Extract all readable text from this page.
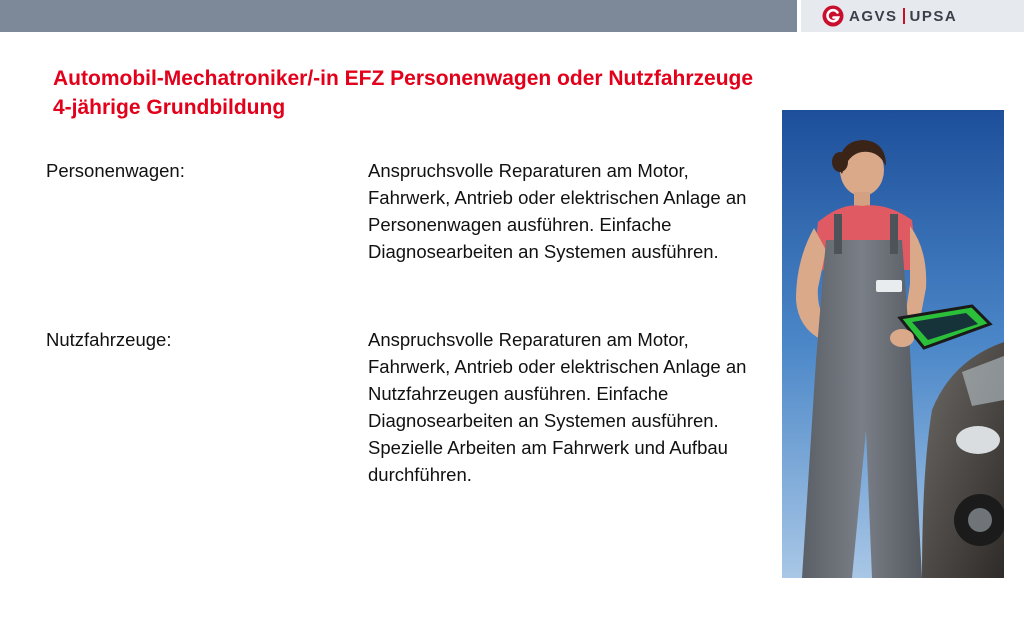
AGVS UPSA
Automobil-Mechatroniker/-in EFZ Personenwagen oder Nutzfahrzeuge
4-jährige Grundbildung
Personenwagen:	Anspruchsvolle Reparaturen am Motor, Fahrwerk, Antrieb oder elektrischen Anlage an Personenwagen ausführen. Einfache Diagnosearbeiten an Systemen ausführen.
Nutzfahrzeuge:	Anspruchsvolle Reparaturen am Motor, Fahrwerk, Antrieb oder elektrischen Anlage an Nutzfahrzeugen ausführen. Einfache Diagnosearbeiten an Systemen ausführen. Spezielle Arbeiten am Fahrwerk und Aufbau durchführen.
